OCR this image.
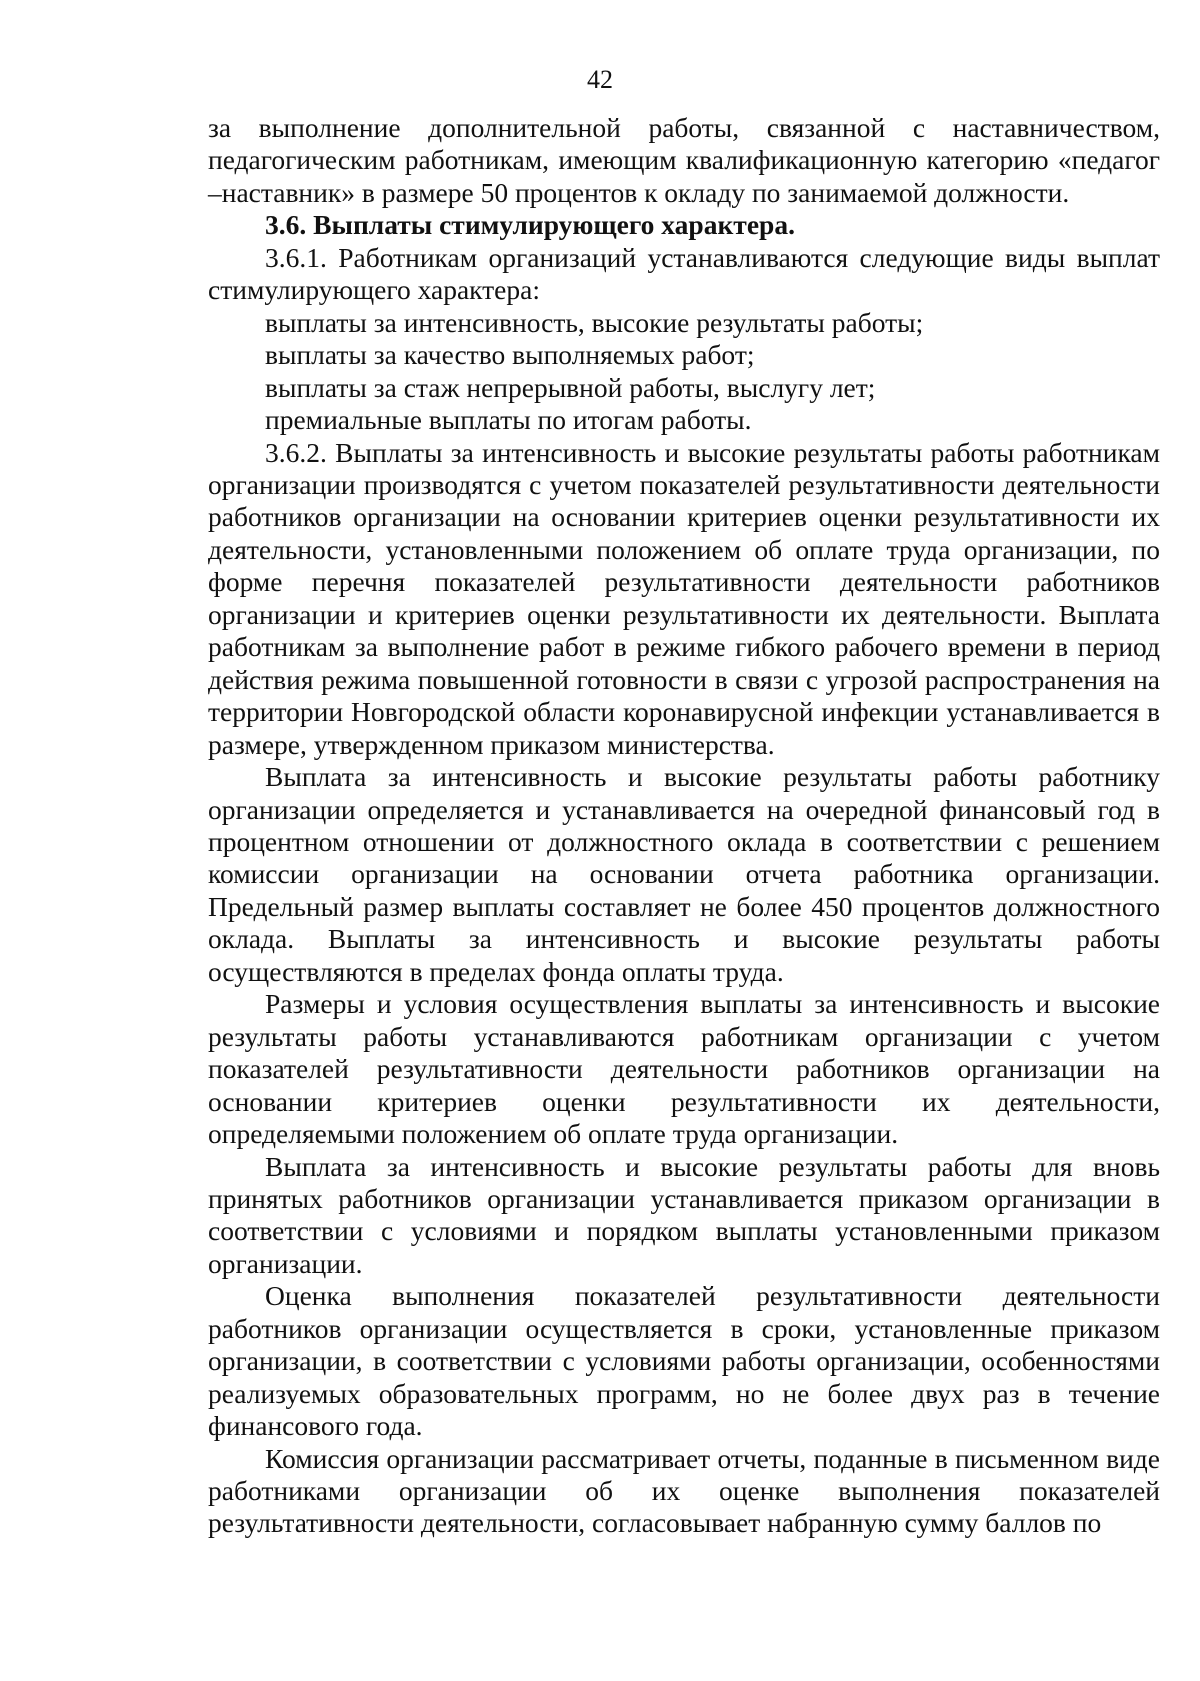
42

за выполнение дополнительной работы, связанной с наставничеством, педагогическим работникам, имеющим квалификационную категорию «педагог –наставник» в размере 50 процентов к окладу по занимаемой должности.

3.6. Выплаты стимулирующего характера.

3.6.1. Работникам организаций устанавливаются следующие виды выплат стимулирующего характера:

выплаты за интенсивность, высокие результаты работы;

выплаты за качество выполняемых работ;

выплаты за стаж непрерывной работы, выслугу лет;

премиальные выплаты по итогам работы.

3.6.2. Выплаты за интенсивность и высокие результаты работы работникам организации производятся с учетом показателей результативности деятельности работников организации на основании критериев оценки результативности их деятельности, установленными положением об оплате труда организации, по форме перечня показателей результативности деятельности работников организации и критериев оценки результативности их деятельности. Выплата работникам за выполнение работ в режиме гибкого рабочего времени в период действия режима повышенной готовности в связи с угрозой распространения на территории Новгородской области коронавирусной инфекции устанавливается в размере, утвержденном приказом министерства.

Выплата за интенсивность и высокие результаты работы работнику организации определяется и устанавливается на очередной финансовый год в процентном отношении от должностного оклада в соответствии с решением комиссии организации на основании отчета работника организации. Предельный размер выплаты составляет не более 450 процентов должностного оклада. Выплаты за интенсивность и высокие результаты работы осуществляются в пределах фонда оплаты труда.

Размеры и условия осуществления выплаты за интенсивность и высокие результаты работы устанавливаются работникам организации с учетом показателей результативности деятельности работников организации на основании критериев оценки результативности их деятельности, определяемыми положением об оплате труда организации.

Выплата за интенсивность и высокие результаты работы для вновь принятых работников организации устанавливается приказом организации в соответствии с условиями и порядком выплаты установленными приказом организации.

Оценка выполнения показателей результативности деятельности работников организации осуществляется в сроки, установленные приказом организации, в соответствии с условиями работы организации, особенностями реализуемых образовательных программ, но не более двух раз в течение финансового года.

Комиссия организации рассматривает отчеты, поданные в письменном виде работниками организации об их оценке выполнения показателей результативности деятельности, согласовывает набранную сумму баллов по
